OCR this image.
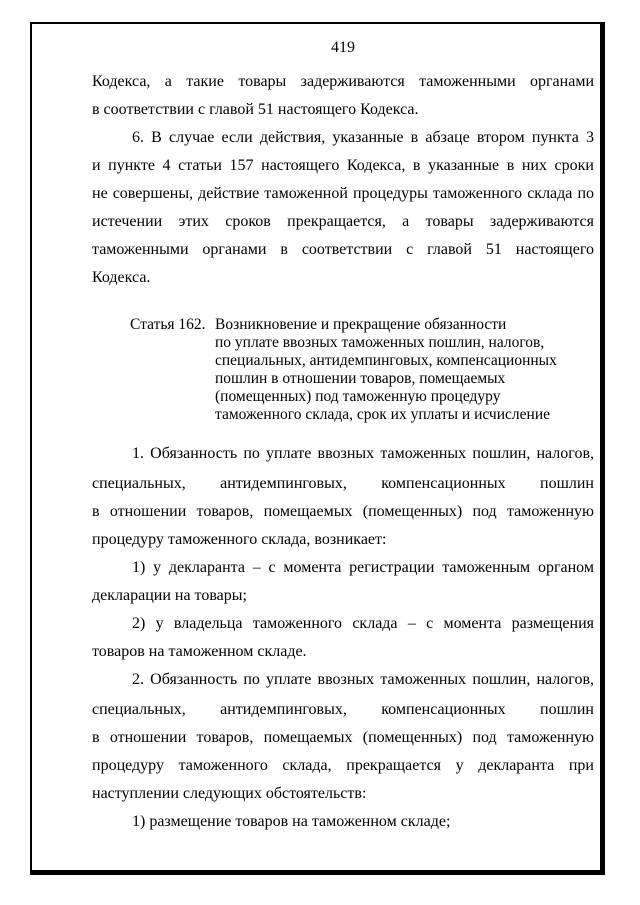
419
Кодекса, а такие товары задерживаются таможенными органами
в соответствии с главой 51 настоящего Кодекса.
6. В случае если действия, указанные в абзаце втором пункта 3
и пункте 4 статьи 157 настоящего Кодекса, в указанные в них сроки
не совершены, действие таможенной процедуры таможенного склада по
истечении этих сроков прекращается, а товары задерживаются
таможенными органами в соответствии с главой 51 настоящего
Кодекса.
Статья 162. Возникновение и прекращение обязанности
по уплате ввозных таможенных пошлин, налогов,
специальных, антидемпинговых, компенсационных
пошлин в отношении товаров, помещаемых
(помещенных) под таможенную процедуру
таможенного склада, срок их уплаты и исчисление
1. Обязанность по уплате ввозных таможенных пошлин, налогов,
специальных, антидемпинговых, компенсационных пошлин
в отношении товаров, помещаемых (помещенных) под таможенную
процедуру таможенного склада, возникает:
1) у декларанта – с момента регистрации таможенным органом
декларации на товары;
2) у владельца таможенного склада – с момента размещения
товаров на таможенном складе.
2. Обязанность по уплате ввозных таможенных пошлин, налогов,
специальных, антидемпинговых, компенсационных пошлин
в отношении товаров, помещаемых (помещенных) под таможенную
процедуру таможенного склада, прекращается у декларанта при
наступлении следующих обстоятельств:
1) размещение товаров на таможенном складе;
